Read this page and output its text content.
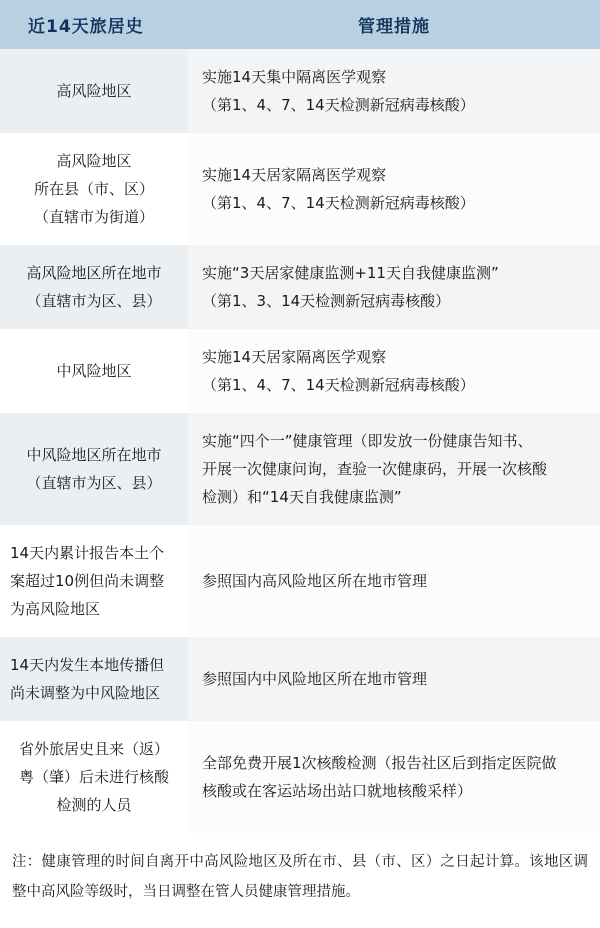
近14天旅居史	管理措施

高风险地区	实施14天集中隔离医学观察
（第1、4、7、14天检测新冠病毒核酸）

高风险地区
所在县（市、区）
（直辖市为街道）	实施14天居家隔离医学观察
（第1、4、7、14天检测新冠病毒核酸）

高风险地区所在地市
（直辖市为区、县）	实施“3天居家健康监测+11天自我健康监测”
（第1、3、14天检测新冠病毒核酸）

中风险地区	实施14天居家隔离医学观察
（第1、4、7、14天检测新冠病毒核酸）

中风险地区所在地市
（直辖市为区、县）	实施“四个一”健康管理（即发放一份健康告知书、
开展一次健康问询，查验一次健康码，开展一次核酸
检测）和“14天自我健康监测”

14天内累计报告本土个
案超过10例但尚未调整
为高风险地区	参照国内高风险地区所在地市管理

14天内发生本地传播但
尚未调整为中风险地区	参照国内中风险地区所在地市管理

省外旅居史且来（返）
粤（肇）后未进行核酸
检测的人员	全部免费开展1次核酸检测（报告社区后到指定医院做
核酸或在客运站场出站口就地核酸采样）
注：健康管理的时间自离开中高风险地区及所在市、县（市、区）之日起计算。该地区调整中高风险等级时，当日调整在管人员健康管理措施。
